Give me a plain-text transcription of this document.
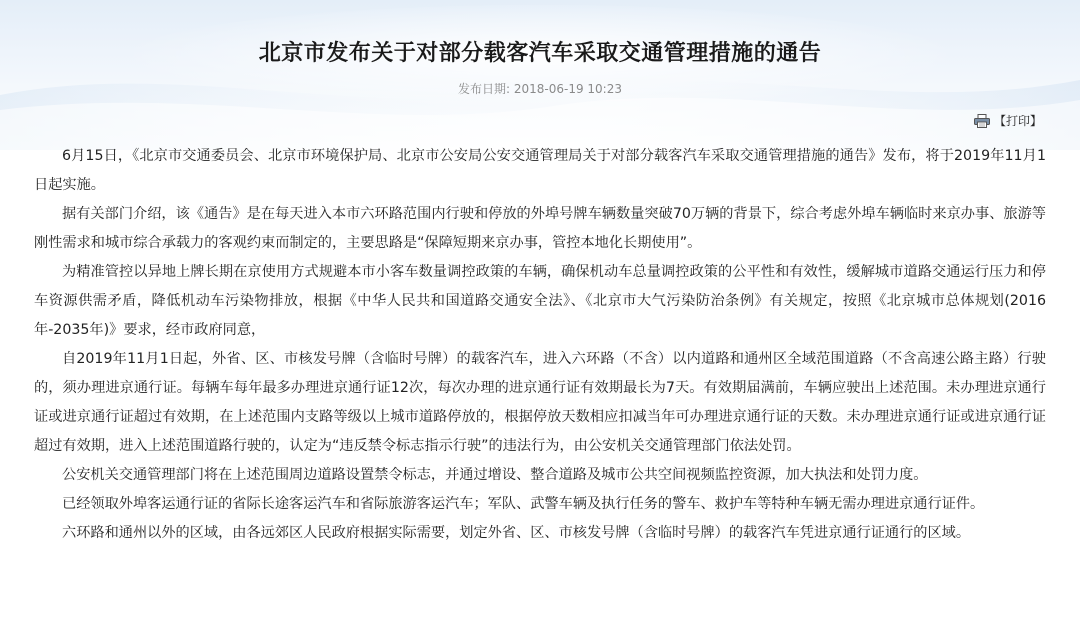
北京市发布关于对部分载客汽车采取交通管理措施的通告
发布日期: 2018-06-19 10:23
【打印】

6月15日，《北京市交通委员会、北京市环境保护局、北京市公安局公安交通管理局关于对部分载客汽车采取交通管理措施的通告》发布，将于2019年11月1日起实施。

据有关部门介绍，该《通告》是在每天进入本市六环路范围内行驶和停放的外埠号牌车辆数量突破70万辆的背景下，综合考虑外埠车辆临时来京办事、旅游等刚性需求和城市综合承载力的客观约束而制定的，主要思路是“保障短期来京办事，管控本地化长期使用”。

为精准管控以异地上牌长期在京使用方式规避本市小客车数量调控政策的车辆，确保机动车总量调控政策的公平性和有效性，缓解城市道路交通运行压力和停车资源供需矛盾，降低机动车污染物排放，根据《中华人民共和国道路交通安全法》、《北京市大气污染防治条例》有关规定，按照《北京城市总体规划(2016年-2035年)》要求，经市政府同意，

自2019年11月1日起，外省、区、市核发号牌（含临时号牌）的载客汽车，进入六环路（不含）以内道路和通州区全域范围道路（不含高速公路主路）行驶的，须办理进京通行证。每辆车每年最多办理进京通行证12次，每次办理的进京通行证有效期最长为7天。有效期届满前，车辆应驶出上述范围。未办理进京通行证或进京通行证超过有效期，在上述范围内支路等级以上城市道路停放的，根据停放天数相应扣减当年可办理进京通行证的天数。未办理进京通行证或进京通行证超过有效期，进入上述范围道路行驶的，认定为“违反禁令标志指示行驶”的违法行为，由公安机关交通管理部门依法处罚。

公安机关交通管理部门将在上述范围周边道路设置禁令标志，并通过增设、整合道路及城市公共空间视频监控资源，加大执法和处罚力度。

已经领取外埠客运通行证的省际长途客运汽车和省际旅游客运汽车；军队、武警车辆及执行任务的警车、救护车等特种车辆无需办理进京通行证件。

六环路和通州以外的区域，由各远郊区人民政府根据实际需要，划定外省、区、市核发号牌（含临时号牌）的载客汽车凭进京通行证通行的区域。
